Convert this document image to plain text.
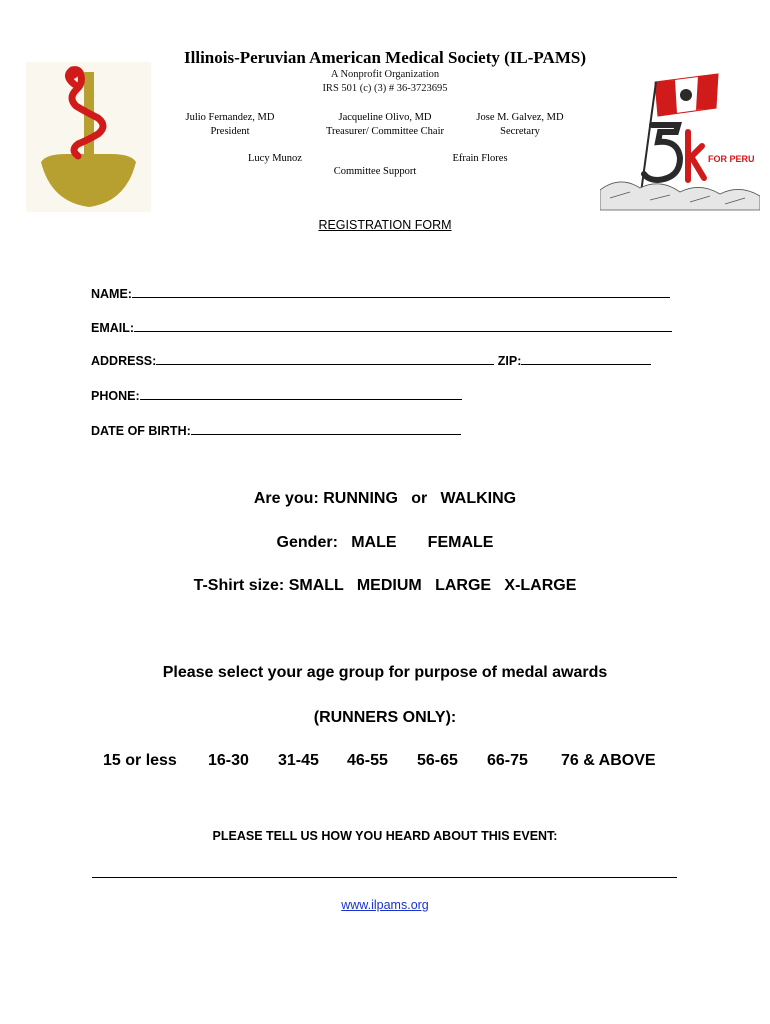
Illinois-Peruvian American Medical Society (IL-PAMS)
A Nonprofit Organization
IRS 501 (c) (3) # 36-3723695
Julio Fernandez, MD
President
Jacqueline Olivo, MD
Treasurer/ Committee Chair
Jose M. Galvez, MD
Secretary
Lucy Munoz	Efrain Flores
Committee Support
FOR PERU
REGISTRATION FORM
NAME:
EMAIL:
ADDRESS:	ZIP:
PHONE:
DATE OF BIRTH:
Are you: RUNNING   or   WALKING
Gender:   MALE       FEMALE
T-Shirt size: SMALL   MEDIUM   LARGE   X-LARGE
Please select your age group for purpose of medal awards
(RUNNERS ONLY):
15 or less 16-30 31-45 46-55 56-65 66-75 76 & ABOVE
PLEASE TELL US HOW YOU HEARD ABOUT THIS EVENT:
www.ilpams.org
